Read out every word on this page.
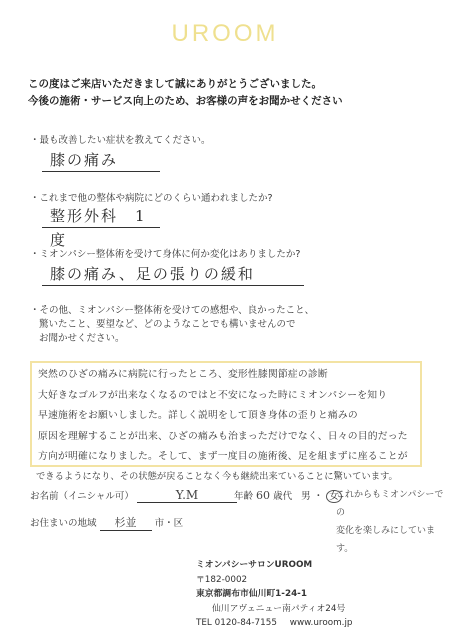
UROOM
この度はご来店いただきまして誠にありがとうございました。
今後の施術・サービス向上のため、お客様の声をお聞かせください
・最も改善したい症状を教えてください。
膝の痛み
・これまで他の整体や病院にどのくらい通われましたか?
整形外科　1度
・ミオンパシー整体術を受けて身体に何か変化はありましたか?
膝の痛み、足の張りの緩和
・その他、ミオンパシー整体術を受けての感想や、良かったこと、
驚いたこと、要望など、どのようなことでも構いませんので
お聞かせください。
突然のひざの痛みに病院に行ったところ、変形性膝関節症の診断
大好きなゴルフが出来なくなるのではと不安になった時にミオンパシーを知り
早速施術をお願いしました。詳しく説明をして頂き身体の歪りと痛みの
原因を理解することが出来、ひざの痛みも治まっただけでなく、日々の目的だった
方向が明確になりました。そして、まず一度目の施術後、足を組まずに座ることが
できるようになり、その状態が戻ることなく今も継続出来ていることに驚いています。
お名前（イニシャル可）	Y.M	年齢 60 歳代 男 ・ 女
お住まいの地域 杉並 市・区
これからもミオンパシーでの
変化を楽しみにしています。
ミオンパシーサロンUROOM
〒182-0002
東京都調布市仙川町1-24-1
仙川アヴェニュー南パティオ24号
TEL 0120-84-7155 www.uroom.jp
